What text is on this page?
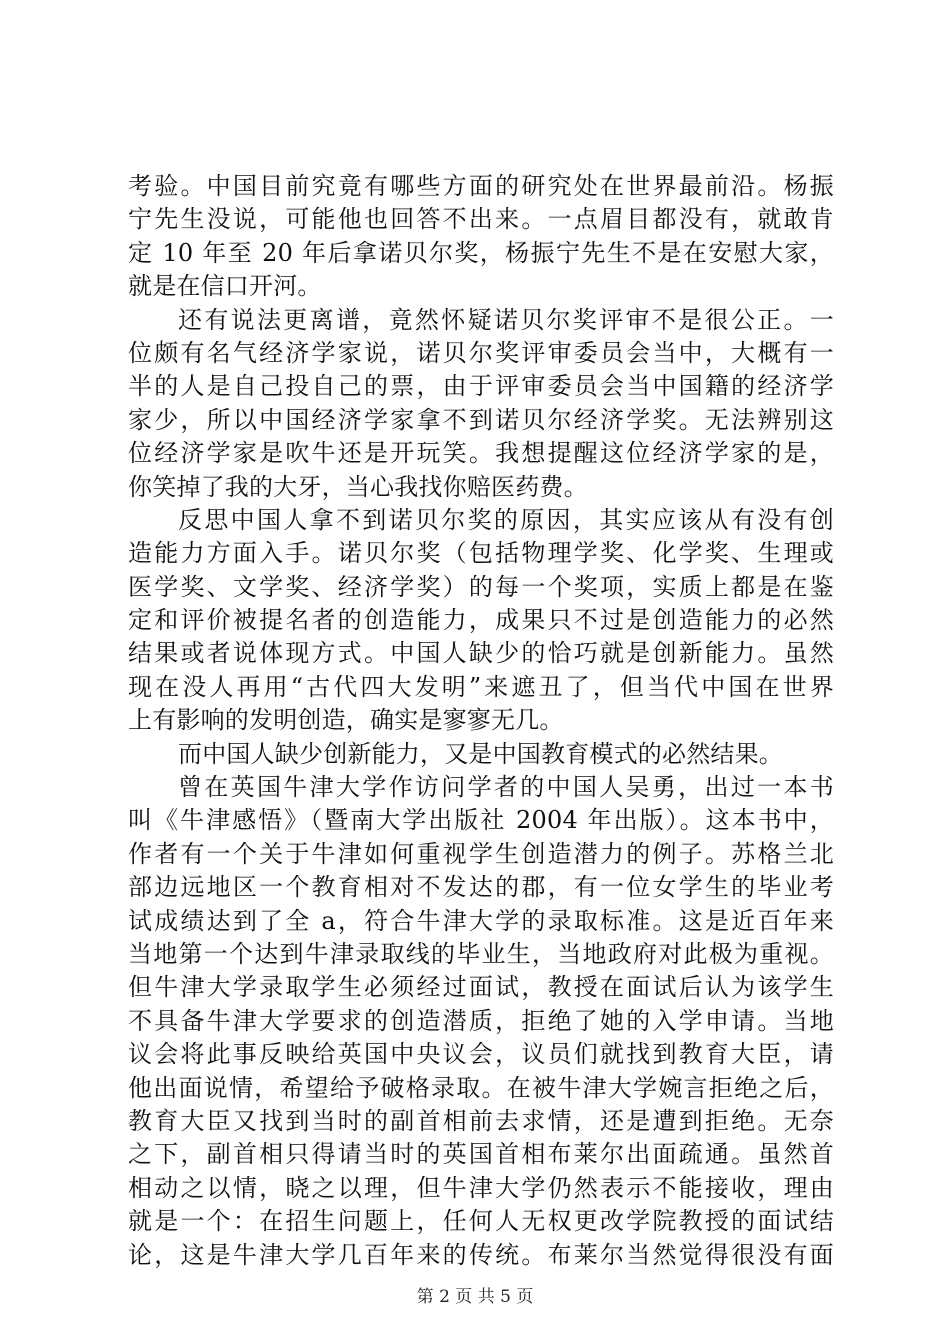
考验。中国目前究竟有哪些方面的研究处在世界最前沿。杨振
宁先生没说，可能他也回答不出来。一点眉目都没有，就敢肯
定 10 年至 20 年后拿诺贝尔奖，杨振宁先生不是在安慰大家，
就是在信口开河。
还有说法更离谱，竟然怀疑诺贝尔奖评审不是很公正。一
位颇有名气经济学家说，诺贝尔奖评审委员会当中，大概有一
半的人是自己投自己的票，由于评审委员会当中国籍的经济学
家少，所以中国经济学家拿不到诺贝尔经济学奖。无法辨别这
位经济学家是吹牛还是开玩笑。我想提醒这位经济学家的是，
你笑掉了我的大牙，当心我找你赔医药费。
反思中国人拿不到诺贝尔奖的原因，其实应该从有没有创
造能力方面入手。诺贝尔奖（包括物理学奖、化学奖、生理或
医学奖、文学奖、经济学奖）的每一个奖项，实质上都是在鉴
定和评价被提名者的创造能力，成果只不过是创造能力的必然
结果或者说体现方式。中国人缺少的恰巧就是创新能力。虽然
现在没人再用“古代四大发明”来遮丑了，但当代中国在世界
上有影响的发明创造，确实是寥寥无几。
而中国人缺少创新能力，又是中国教育模式的必然结果。
曾在英国牛津大学作访问学者的中国人吴勇，出过一本书
叫《牛津感悟》（暨南大学出版社 2004 年出版）。这本书中，
作者有一个关于牛津如何重视学生创造潜力的例子。苏格兰北
部边远地区一个教育相对不发达的郡，有一位女学生的毕业考
试成绩达到了全 a，符合牛津大学的录取标准。这是近百年来
当地第一个达到牛津录取线的毕业生，当地政府对此极为重视。
但牛津大学录取学生必须经过面试，教授在面试后认为该学生
不具备牛津大学要求的创造潜质，拒绝了她的入学申请。当地
议会将此事反映给英国中央议会，议员们就找到教育大臣，请
他出面说情，希望给予破格录取。在被牛津大学婉言拒绝之后，
教育大臣又找到当时的副首相前去求情，还是遭到拒绝。无奈
之下，副首相只得请当时的英国首相布莱尔出面疏通。虽然首
相动之以情，晓之以理，但牛津大学仍然表示不能接收，理由
就是一个：在招生问题上，任何人无权更改学院教授的面试结
论，这是牛津大学几百年来的传统。布莱尔当然觉得很没有面
第 2 页 共 5 页
